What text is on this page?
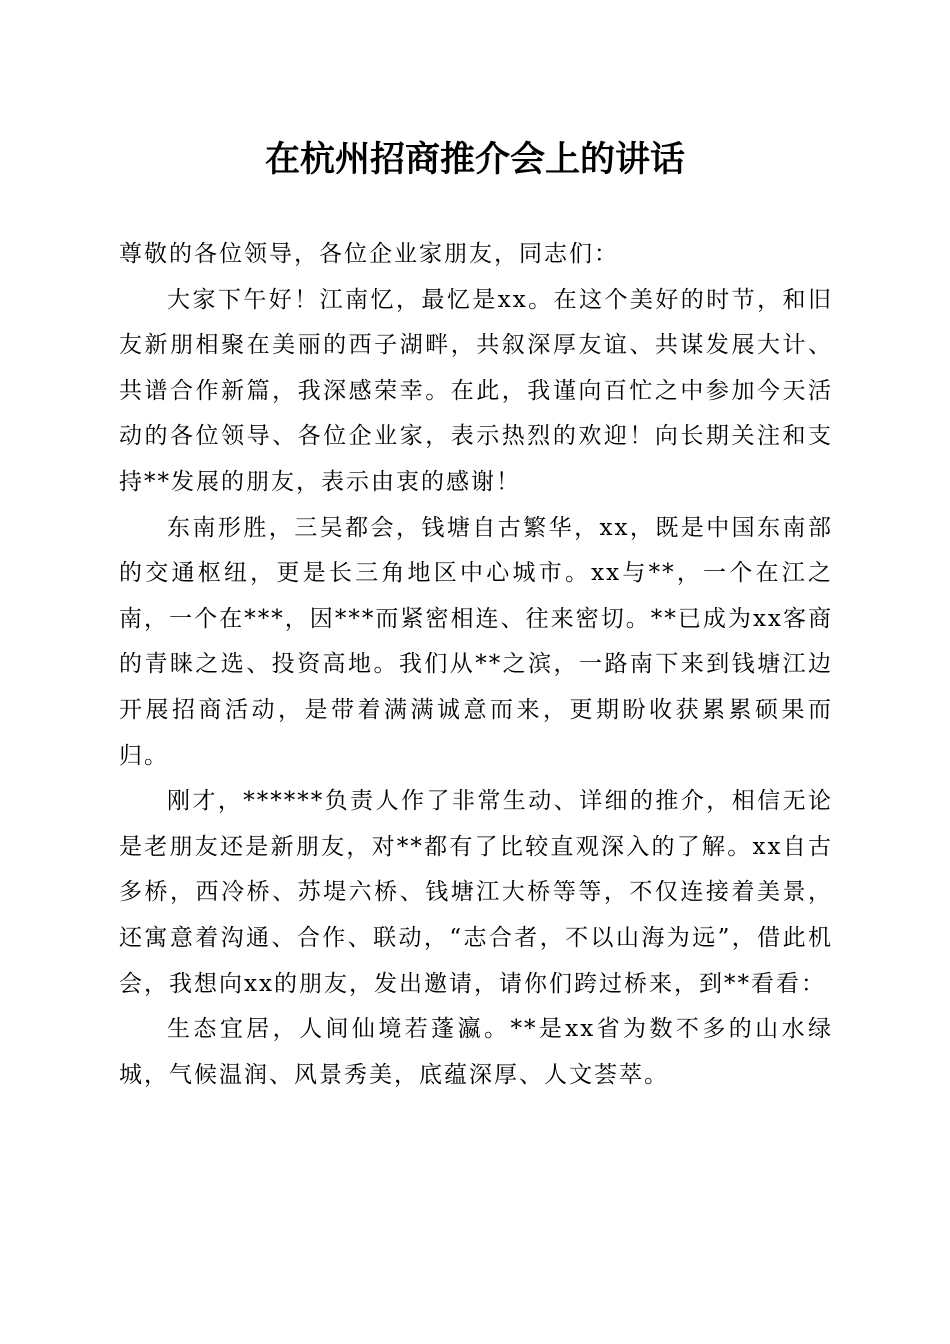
在杭州招商推介会上的讲话

尊敬的各位领导，各位企业家朋友，同志们：

大家下午好！江南忆，最忆是xx。在这个美好的时节，和旧友新朋相聚在美丽的西子湖畔，共叙深厚友谊、共谋发展大计、共谱合作新篇，我深感荣幸。在此，我谨向百忙之中参加今天活动的各位领导、各位企业家，表示热烈的欢迎！向长期关注和支持**发展的朋友，表示由衷的感谢！

东南形胜，三吴都会，钱塘自古繁华，xx，既是中国东南部的交通枢纽，更是长三角地区中心城市。xx与**，一个在江之南，一个在***，因***而紧密相连、往来密切。**已成为xx客商的青睐之选、投资高地。我们从**之滨，一路南下来到钱塘江边开展招商活动，是带着满满诚意而来，更期盼收获累累硕果而归。

刚才，******负责人作了非常生动、详细的推介，相信无论是老朋友还是新朋友，对**都有了比较直观深入的了解。xx自古多桥，西冷桥、苏堤六桥、钱塘江大桥等等，不仅连接着美景，还寓意着沟通、合作、联动，“志合者，不以山海为远”，借此机会，我想向xx的朋友，发出邀请，请你们跨过桥来，到**看看：

生态宜居，人间仙境若蓬瀛。**是xx省为数不多的山水绿城，气候温润、风景秀美，底蕴深厚、人文荟萃。
